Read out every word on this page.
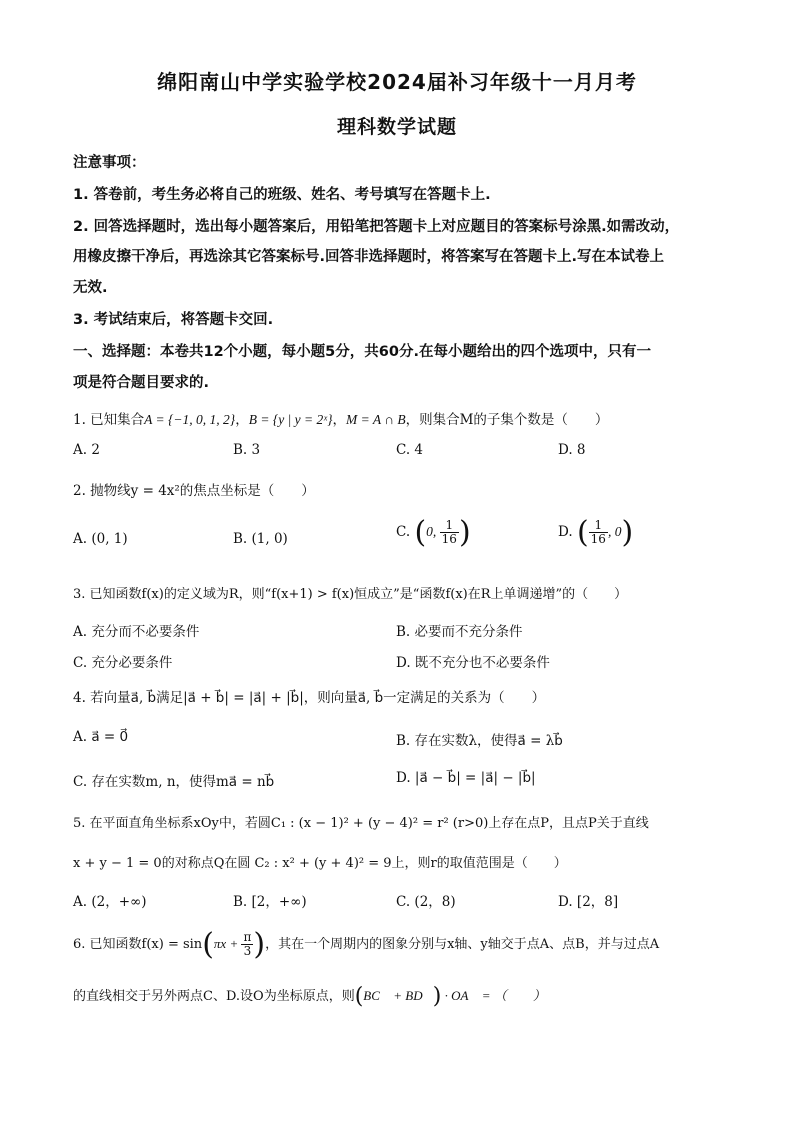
绵阳南山中学实验学校2024届补习年级十一月月考
理科数学试题
注意事项：
1. 答卷前，考生务必将自己的班级、姓名、考号填写在答题卡上.
2. 回答选择题时，选出每小题答案后，用铅笔把答题卡上对应题目的答案标号涂黑.如需改动，
用橡皮擦干净后，再选涂其它答案标号.回答非选择题时，将答案写在答题卡上.写在本试卷上
无效.
3. 考试结束后，将答题卡交回.
一、选择题：本卷共12个小题，每小题5分，共60分.在每小题给出的四个选项中，只有一
项是符合题目要求的.
1. 已知集合A = {−1, 0, 1, 2}，B = {y | y = 2ˣ}，M = A ∩ B，则集合M的子集个数是（　　）
A. 2	B. 3	C. 4	D. 8
2. 抛物线y = 4x²的焦点坐标是（　　）
A. (0, 1)	B. (1, 0)	C. (0, $\frac{1}{16}$ )	D. ( $\frac{1}{16}$ , 0)
3. 已知函数f(x)的定义域为R，则“f(x+1) > f(x)恒成立”是“函数f(x)在R上单调递增”的（　　）
A. 充分而不必要条件	B. 必要而不充分条件
C. 充分必要条件	D. 既不充分也不必要条件
4. 若向量a⃗, b⃗满足|a⃗ + b⃗| = |a⃗| + |b⃗|，则向量a⃗, b⃗一定满足的关系为（　　）
A. a⃗ = 0⃗	B. 存在实数λ，使得a⃗ = λb⃗
C. 存在实数m, n，使得ma⃗ = nb⃗	D. |a⃗ − b⃗| = |a⃗| − |b⃗|
5. 在平面直角坐标系xOy中，若圆C₁ : (x − 1)² + (y − 4)² = r² (r>0)上存在点P，且点P关于直线
x + y − 1 = 0的对称点Q在圆 C₂ : x² + (y + 4)² = 9上，则r的取值范围是（　　）
A. (2，+∞)	B. [2，+∞)	C. (2，8)	D. [2，8]
6. 已知函数$f(x) = \sin(\pi x + \frac{\pi}{3}$ )，其在一个周期内的图象分别与x轴、y轴交于点A、点B，并与过点A
的直线相交于另外两点C、D.设O为坐标原点，则(BC⃗ + BD⃗) · OA⃗ = （　　）
